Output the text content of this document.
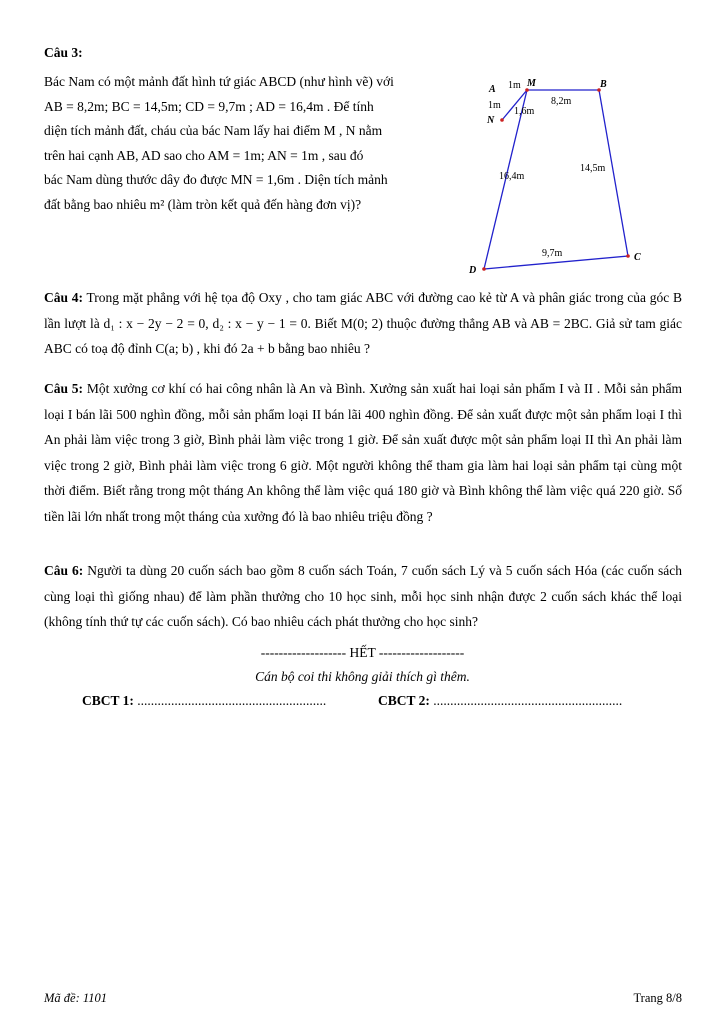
Câu 3:
Bác Nam có một mảnh đất hình tứ giác ABCD (như hình vẽ) với
AB = 8,2m; BC = 14,5m; CD = 9,7m ; AD = 16,4m . Để tính
diện tích mảnh đất, cháu của bác Nam lấy hai điểm M , N nằm
trên hai cạnh AB, AD sao cho AM = 1m; AN = 1m , sau đó
bác Nam dùng thước dây đo được MN = 1,6m . Diện tích mảnh
đất bằng bao nhiêu m² (làm tròn kết quả đến hàng đơn vị)?
A
M	B
N
C
D
1m
1m
1,6m
8,2m
16,4m
14,5m
9,7m
Câu 4: Trong mặt phẳng với hệ tọa độ Oxy , cho tam giác ABC với đường cao kẻ từ A và phân giác trong của góc B lần lượt là d₁ : x − 2y − 2 = 0, d₂ : x − y − 1 = 0. Biết M(0; 2) thuộc đường thẳng AB và AB = 2BC. Giả sử tam giác ABC có toạ độ đỉnh C(a; b) , khi đó 2a + b bằng bao nhiêu ?
Câu 5: Một xưởng cơ khí có hai công nhân là An và Bình. Xưởng sản xuất hai loại sản phẩm I và II . Mỗi sản phẩm loại I bán lãi 500 nghìn đồng, mỗi sản phẩm loại II bán lãi 400 nghìn đồng. Để sản xuất được một sản phẩm loại I thì An phải làm việc trong 3 giờ, Bình phải làm việc trong 1 giờ. Để sản xuất được một sản phẩm loại II thì An phải làm việc trong 2 giờ, Bình phải làm việc trong 6 giờ. Một người không thể tham gia làm hai loại sản phẩm tại cùng một thời điểm. Biết rằng trong một tháng An không thể làm việc quá 180 giờ và Bình không thể làm việc quá 220 giờ. Số tiền lãi lớn nhất trong một tháng của xưởng đó là bao nhiêu triệu đồng ?
Câu 6: Người ta dùng 20 cuốn sách bao gồm 8 cuốn sách Toán, 7 cuốn sách Lý và 5 cuốn sách Hóa (các cuốn sách cùng loại thì giống nhau) để làm phần thưởng cho 10 học sinh, mỗi học sinh nhận được 2 cuốn sách khác thể loại (không tính thứ tự các cuốn sách). Có bao nhiêu cách phát thưởng cho học sinh?
------------------- HẾT -------------------
Cán bộ coi thi không giải thích gì thêm.
CBCT 1: ........................................................	CBCT 2: ........................................................
Mã đề: 1101	Trang 8/8
